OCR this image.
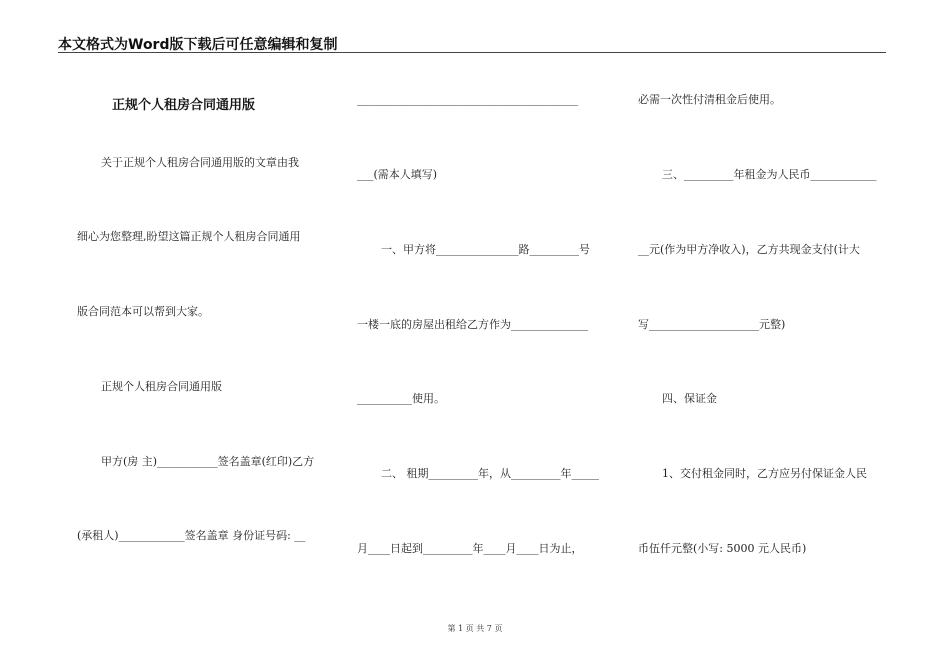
本文格式为Word版下载后可任意编辑和复制
正规个人租房合同通用版
关于正规个人租房合同通用版的文章由我
细心为您整理,盼望这篇正规个人租房合同通用
版合同范本可以帮到大家。
正规个人租房合同通用版
甲方(房 主)___________签名盖章(红印)乙方
(承租人)____________签名盖章 身份证号码: __
_____________________________________________
___(需本人填写)
一、甲方将_______________路_________号
一楼一底的房屋出租给乙方作为______________
__________使用。
二、 租期_________年，从_________年_____
月____日起到_________年____月____日为止，
必需一次性付清租金后使用。
三、_________年租金为人民币____________
__元(作为甲方净收入)，乙方共现金支付(计大
写____________________元整)
四、保证金
1、交付租金同时，乙方应另付保证金人民
币伍仟元整(小写: 5000 元人民币)
第 1 页 共 7 页
